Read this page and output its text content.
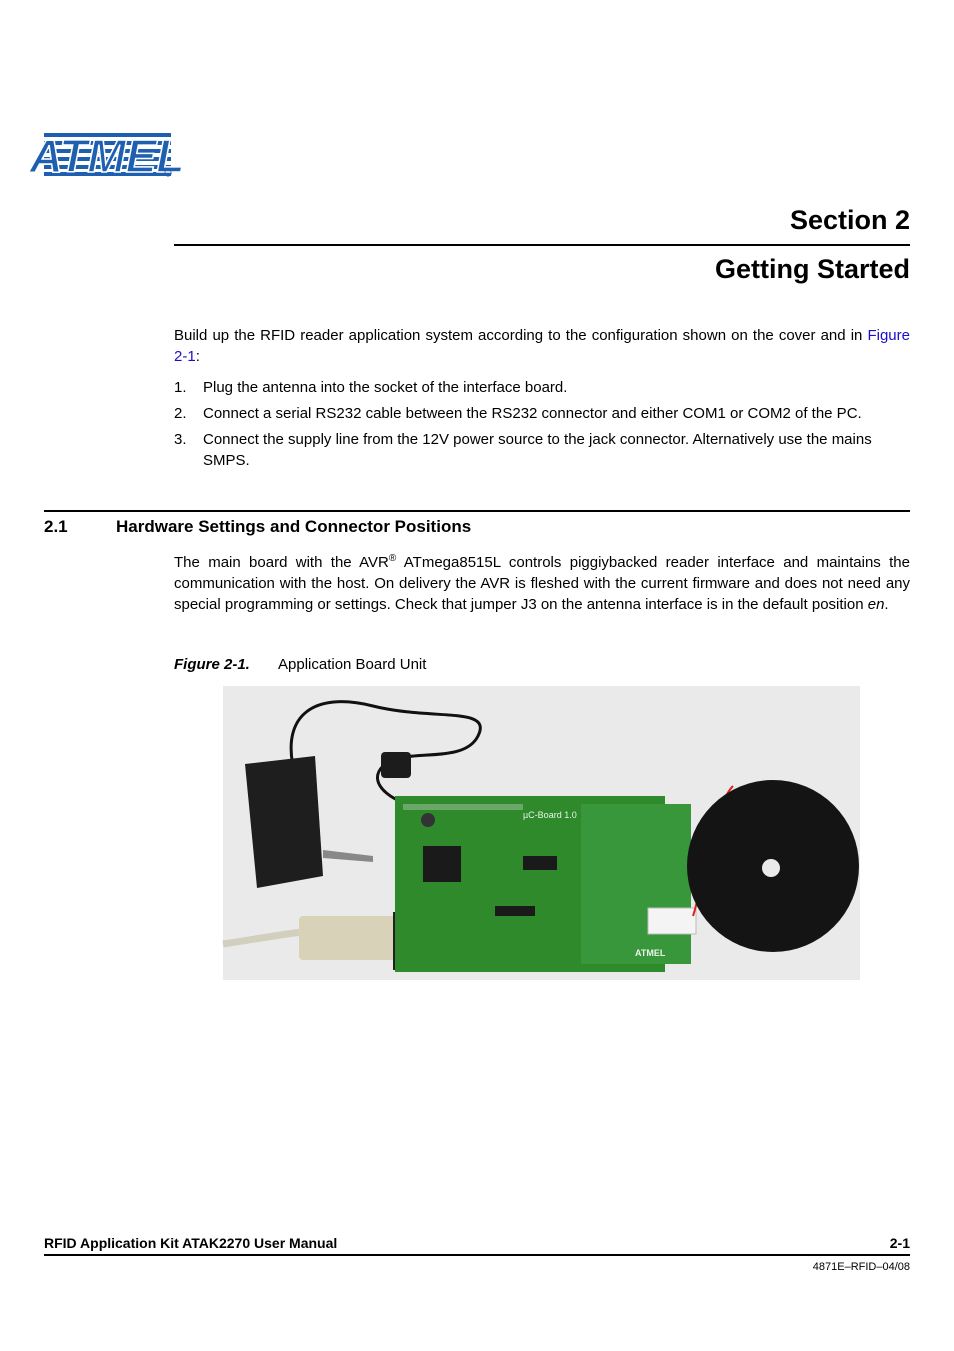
ATMEL
Section 2
Getting Started
Build up the RFID reader application system according to the configuration shown on the cover and in Figure 2-1:
1. Plug the antenna into the socket of the interface board.
2. Connect a serial RS232 cable between the RS232 connector and either COM1 or COM2 of the PC.
3. Connect the supply line from the 12V power source to the jack connector. Alternatively use the mains SMPS.
2.1	Hardware Settings and Connector Positions
The main board with the AVR® ATmega8515L controls piggiybacked reader interface and maintains the communication with the host. On delivery the AVR is fleshed with the current firmware and does not need any special programming or settings. Check that jumper J3 on the antenna interface is in the default position en.
Figure 2-1. Application Board Unit
µC-Board 1.0
ATMEL
RFID Application Kit ATAK2270 User Manual	2-1
4871E–RFID–04/08
